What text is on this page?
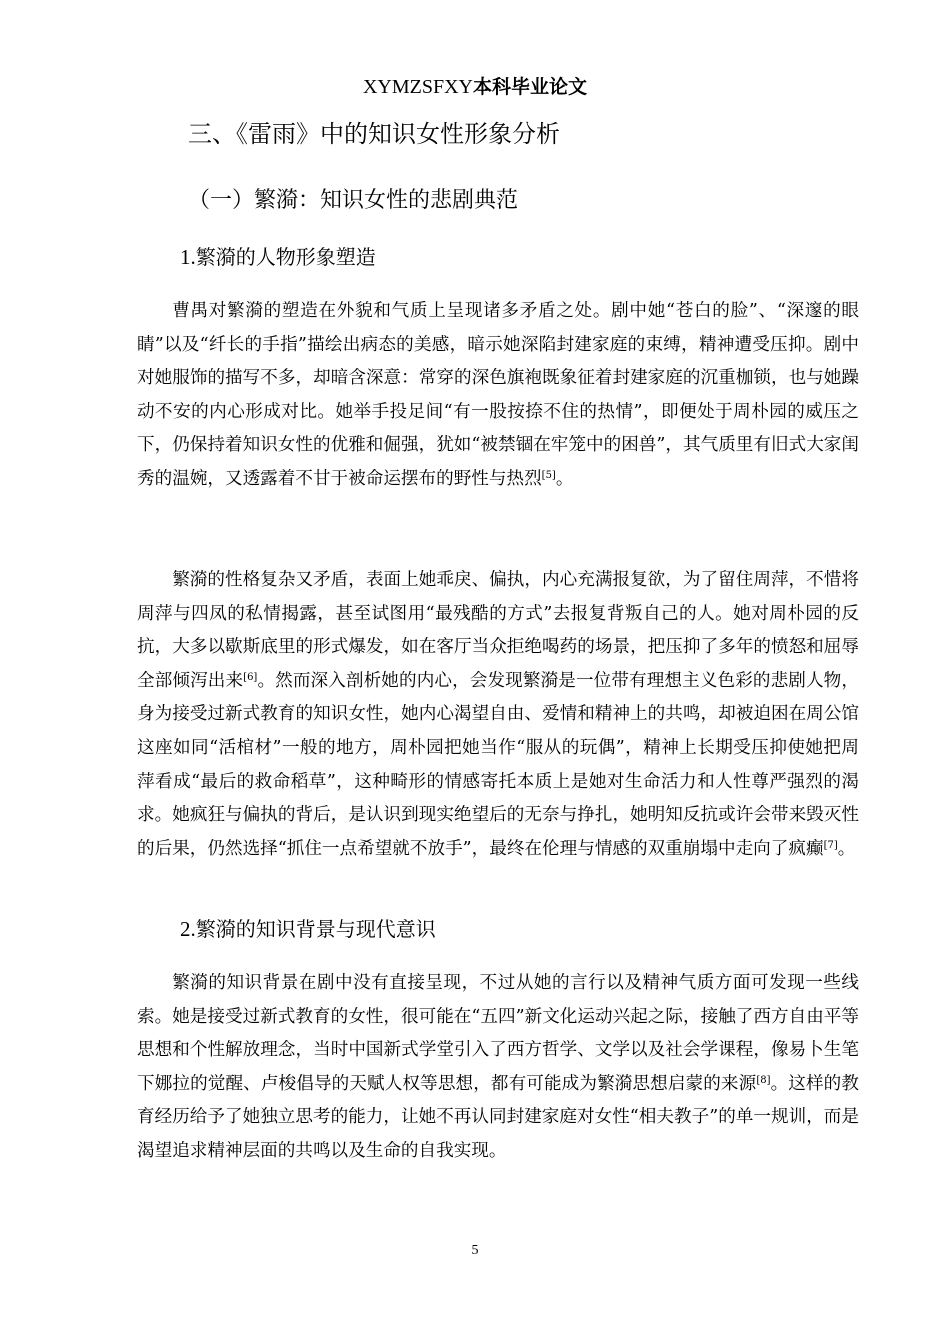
XYMZSFXY本科毕业论文
三、《雷雨》中的知识女性形象分析
（一）繁漪：知识女性的悲剧典范
1.繁漪的人物形象塑造

曹禺对繁漪的塑造在外貌和气质上呈现诸多矛盾之处。剧中她“苍白的脸”、“深邃的眼睛”以及“纤长的手指”描绘出病态的美感，暗示她深陷封建家庭的束缚，精神遭受压抑。剧中对她服饰的描写不多，却暗含深意：常穿的深色旗袍既象征着封建家庭的沉重枷锁，也与她躁动不安的内心形成对比。她举手投足间“有一股按捺不住的热情”，即便处于周朴园的威压之下，仍保持着知识女性的优雅和倔强，犹如“被禁锢在牢笼中的困兽”，其气质里有旧式大家闺秀的温婉，又透露着不甘于被命运摆布的野性与热烈[5]。

繁漪的性格复杂又矛盾，表面上她乖戾、偏执，内心充满报复欲，为了留住周萍，不惜将周萍与四凤的私情揭露，甚至试图用“最残酷的方式”去报复背叛自己的人。她对周朴园的反抗，大多以歇斯底里的形式爆发，如在客厅当众拒绝喝药的场景，把压抑了多年的愤怒和屈辱全部倾泻出来[6]。然而深入剖析她的内心，会发现繁漪是一位带有理想主义色彩的悲剧人物，身为接受过新式教育的知识女性，她内心渴望自由、爱情和精神上的共鸣，却被迫困在周公馆这座如同“活棺材”一般的地方，周朴园把她当作“服从的玩偶”，精神上长期受压抑使她把周萍看成“最后的救命稻草”，这种畸形的情感寄托本质上是她对生命活力和人性尊严强烈的渴求。她疯狂与偏执的背后，是认识到现实绝望后的无奈与挣扎，她明知反抗或许会带来毁灭性的后果，仍然选择“抓住一点希望就不放手”，最终在伦理与情感的双重崩塌中走向了疯癫[7]。

2.繁漪的知识背景与现代意识

繁漪的知识背景在剧中没有直接呈现，不过从她的言行以及精神气质方面可发现一些线索。她是接受过新式教育的女性，很可能在“五四”新文化运动兴起之际，接触了西方自由平等思想和个性解放理念，当时中国新式学堂引入了西方哲学、文学以及社会学课程，像易卜生笔下娜拉的觉醒、卢梭倡导的天赋人权等思想，都有可能成为繁漪思想启蒙的来源[8]。这样的教育经历给予了她独立思考的能力，让她不再认同封建家庭对女性“相夫教子”的单一规训，而是渴望追求精神层面的共鸣以及生命的自我实现。

5
